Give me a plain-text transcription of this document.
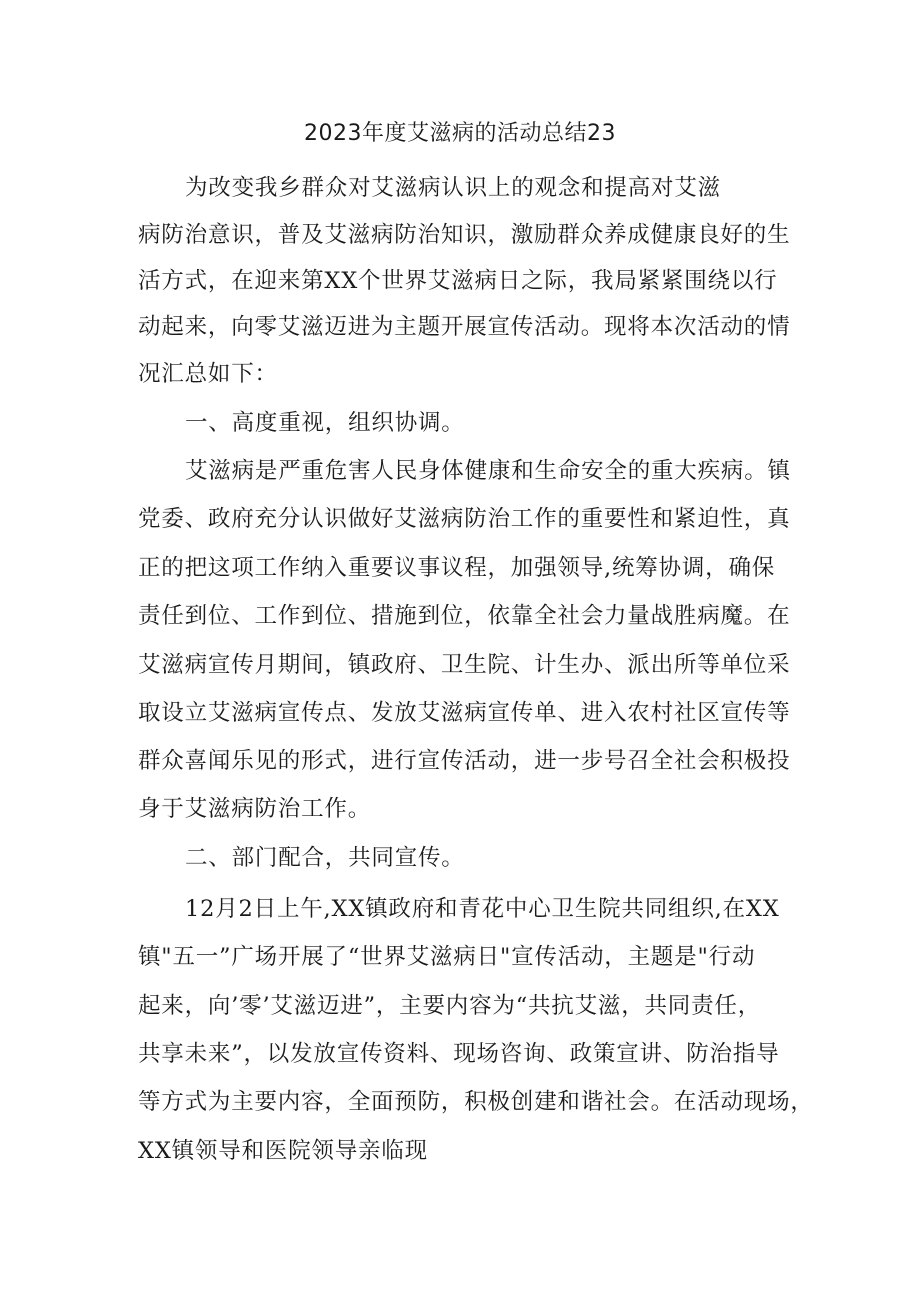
2023年度艾滋病的活动总结23
为改变我乡群众对艾滋病认识上的观念和提高对艾滋
病防治意识，普及艾滋病防治知识，激励群众养成健康良好的生
活方式，在迎来第XX个世界艾滋病日之际，我局紧紧围绕以行
动起来，向零艾滋迈进为主题开展宣传活动。现将本次活动的情
况汇总如下：
一、高度重视，组织协调。
艾滋病是严重危害人民身体健康和生命安全的重大疾病。镇
党委、政府充分认识做好艾滋病防治工作的重要性和紧迫性，真
正的把这项工作纳入重要议事议程，加强领导,统筹协调，确保
责任到位、工作到位、措施到位，依靠全社会力量战胜病魔。在
艾滋病宣传月期间，镇政府、卫生院、计生办、派出所等单位采
取设立艾滋病宣传点、发放艾滋病宣传单、进入农村社区宣传等
群众喜闻乐见的形式，进行宣传活动，进一步号召全社会积极投
身于艾滋病防治工作。
二、部门配合，共同宣传。
12月2日上午,XX镇政府和青花中心卫生院共同组织,在XX
镇"五一”广场开展了“世界艾滋病日"宣传活动，主题是"行动
起来，向’零’艾滋迈进”，主要内容为“共抗艾滋，共同责任，
共享未来”，以发放宣传资料、现场咨询、政策宣讲、防治指导
等方式为主要内容，全面预防，积极创建和谐社会。在活动现场，
XX镇领导和医院领导亲临现
